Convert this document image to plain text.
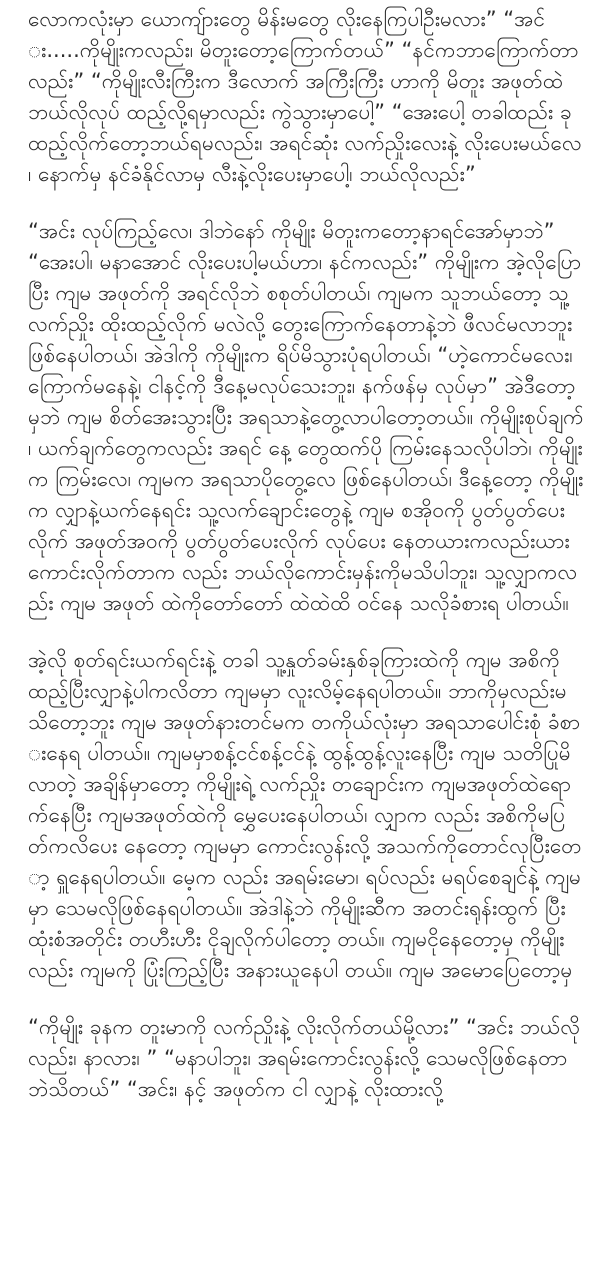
လောကလုံးမှာ ယောကျ်ားတွေ မိန်းမတွေ လိုးနေကြပါဦးမလား” “အင်း.....ကိုမျိုးကလည်း၊ မိတူးတော့ကြောက်တယ်” “နင်ကဘာကြောက်တာလည်း” “ကိုမျိုးလီးကြီးက ဒီလောက် အကြီးကြီး ဟာကို မိတူး အဖုတ်ထဲ ဘယ်လိုလုပ် ထည့်လို့ရမှာလည်း ကွဲသွားမှာပေါ့” “အေးပေါ့ တခါထည်း ခု ထည့်လိုက်တော့ဘယ်ရမလည်း၊ အရင်ဆုံး လက်ညှိုးလေးနဲ့ လိုးပေးမယ်လေ၊ နောက်မှ နင်ခံနိုင်လာမှ လီးနဲ့လိုးပေးမှာပေါ့၊ ဘယ်လိုလည်း”

“အင်း လုပ်ကြည့်လေ၊ ဒါဘဲနော် ကိုမျိုး မိတူးကတော့နာရင်အော်မှာဘဲ” “အေးပါ၊ မနာအောင် လိုးပေးပါ့မယ်ဟာ၊ နင်ကလည်း” ကိုမျိုးက အဲ့လိုပြောပြီး ကျမ အဖုတ်ကို အရင်လိုဘဲ စစုတ်ပါတယ်၊ ကျမက သူဘယ်တော့ သူ့လက်ညှိုး ထိုးထည့်လိုက် မလဲလို့ တွေးကြောက်နေတာနဲ့ဘဲ ဖီလင်မလာဘူးဖြစ်နေပါတယ်၊ အဲဒါကို ကိုမျိုးက ရိပ်မိသွားပုံရပါတယ်၊ “ဟဲ့ကောင်မလေး၊ ကြောက်မနေနဲ့၊ ငါနင့်ကို ဒီနေ့မလုပ်သေးဘူး၊ နက်ဖန်မှ လုပ်မှာ” အဲဒီတော့မှဘဲ ကျမ စိတ်အေးသွားပြီး အရသာနဲ့တွေ့လာပါတော့တယ်။ ကိုမျိုးစုပ်ချက်၊ ယက်ချက်တွေကလည်း အရင် နေ့ တွေထက်ပို ကြမ်းနေသလိုပါဘဲ၊ ကိုမျိုးက ကြမ်းလေ၊ ကျမက အရသာပိုတွေ့လေ ဖြစ်နေပါတယ်၊ ဒီနေ့တော့ ကိုမျိုးက လျှာနဲ့ယက်နေရင်း သူ့လက်ချောင်းတွေနဲ့ ကျမ စအိုဝကို ပွတ်ပွတ်ပေးလိုက် အဖုတ်အဝကို ပွတ်ပွတ်ပေးလိုက် လုပ်ပေး နေတယားကလည်းယား ကောင်းလိုက်တာက လည်း ဘယ်လိုကောင်းမှန်းကိုမသိပါဘူး၊ သူ့လျှာကလည်း ကျမ အဖုတ် ထဲကိုတော်တော် ထဲထဲထိ ဝင်နေ သလိုခံစားရ ပါတယ်။

အဲ့လို စုတ်ရင်းယက်ရင်းနဲ့ တခါ သူ့နှုတ်ခမ်းနှစ်ခုကြားထဲကို ကျမ အစိကို ထည့်ပြီးလျှာနဲ့ပါကလိတာ ကျမမှာ လူးလိမ့်နေရပါတယ်။ ဘာကိုမှလည်းမသိတော့ဘူး ကျမ အဖုတ်နားတင်မက တကိုယ်လုံးမှာ အရသာပေါင်းစုံ ခံစားနေရ ပါတယ်။ ကျမမှာစန့်ငင်စန့်ငင်နဲ့ ထွန့်ထွန့်လူးနေပြီး ကျမ သတိပြုမိလာတဲ့ အချိန်မှာတော့ ကိုမျိုးရဲ့ လက်ညှိုး တချောင်းက ကျမအဖုတ်ထဲရောက်နေပြီး ကျမအဖုတ်ထဲကို မွှေပေးနေပါတယ်၊ လျှာက လည်း အစိကိုမပြတ်ကလိပေး နေတော့ ကျမမှာ ကောင်းလွန်းလို့ အသက်ကိုတောင်လုပြီးတော့ ရှူနေရပါတယ်။ မေ့က လည်း အရမ်းမော၊ ရပ်လည်း မရပ်စေချင်နဲ့ ကျမမှာ သေမလိုဖြစ်နေရပါတယ်။ အဲဒါနဲ့ဘဲ ကိုမျိုးဆီက အတင်းရုန်းထွက် ပြီး ထုံးစံအတိုင်း တဟီးဟီး ငိုချလိုက်ပါတော့ တယ်။ ကျမငိုနေတော့မှ ကိုမျိုးလည်း ကျမကို ပြုံးကြည့်ပြီး အနားယူနေပါ တယ်။ ကျမ အမောပြေတော့မှ

“ကိုမျိုး ခုနက တူးမာကို လက်ညှိုးနဲ့ လိုးလိုက်တယ်မို့လား” “အင်း ဘယ်လိုလည်း၊ နာလား၊ ” “မနာပါဘူး၊ အရမ်းကောင်းလွန်းလို့ သေမလိုဖြစ်နေတာဘဲသိတယ်” “အင်း၊ နင့် အဖုတ်က ငါ လျှာနဲ့ လိုးထားလို့
